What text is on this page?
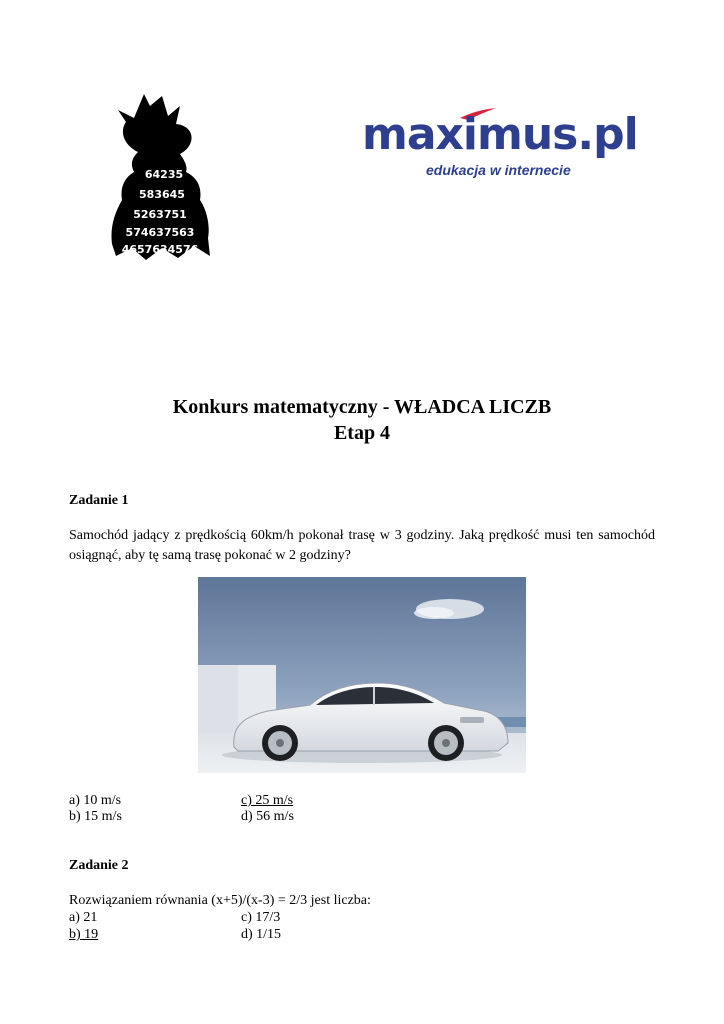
64235
583645
5263751
574637563
4657634576
maximus.pl
edukacja w internecie
Konkurs matematyczny - WŁADCA LICZB
Etap 4
Zadanie 1
Samochód jadący z prędkością 60km/h pokonał trasę w 3 godziny. Jaką prędkość musi ten samochód osiągnąć, aby tę samą trasę pokonać w 2 godziny?
a) 10 m/s	c) 25 m/s
b) 15 m/s	d) 56 m/s
Zadanie 2
Rozwiązaniem równania (x+5)/(x-3) = 2/3 jest liczba:
a) 21	c) 17/3
b) 19	d) 1/15
